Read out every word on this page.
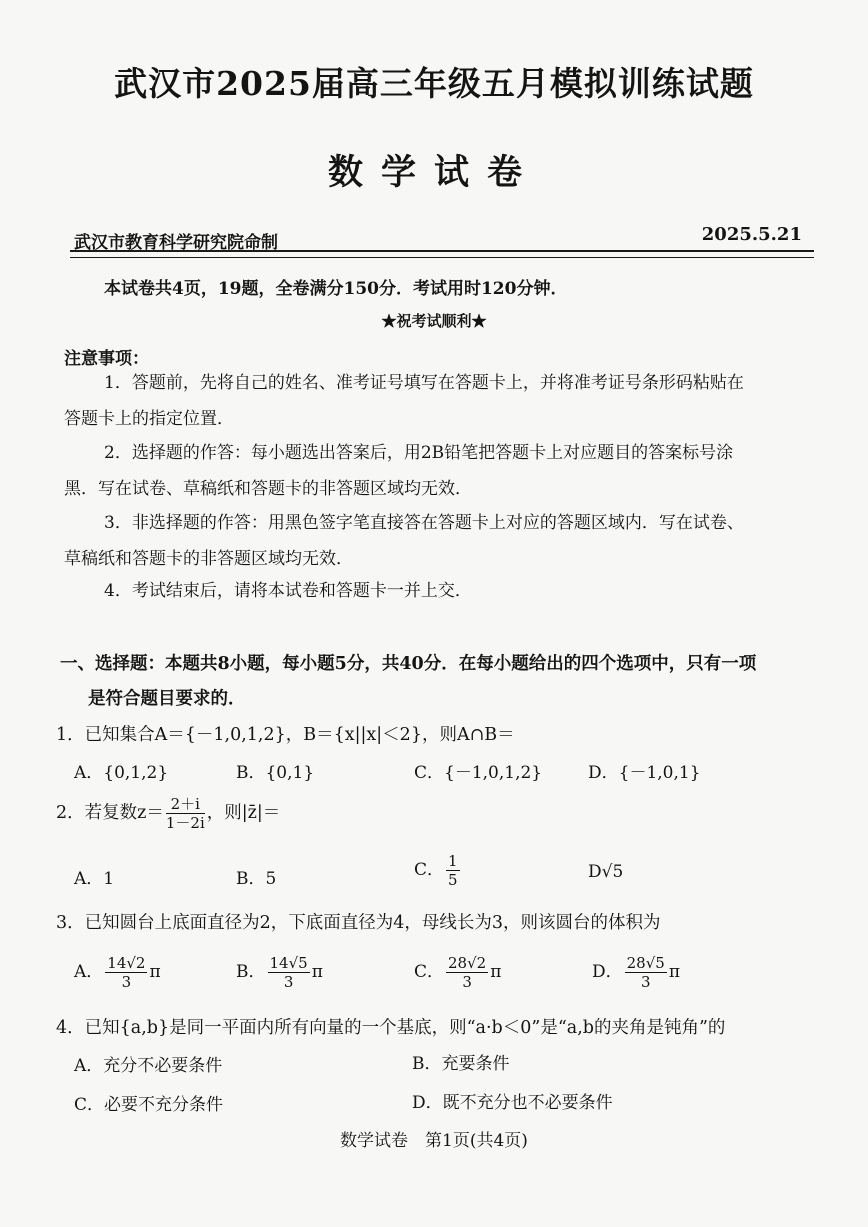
武汉市2025届高三年级五月模拟训练试题
数学试卷
武汉市教育科学研究院命制	2025.5.21
本试卷共4页，19题，全卷满分150分．考试用时120分钟．
★祝考试顺利★
注意事项：
1．答题前，先将自己的姓名、准考证号填写在答题卡上，并将准考证号条形码粘贴在
答题卡上的指定位置．
2．选择题的作答：每小题选出答案后，用2B铅笔把答题卡上对应题目的答案标号涂
黑．写在试卷、草稿纸和答题卡的非答题区域均无效．
3．非选择题的作答：用黑色签字笔直接答在答题卡上对应的答题区域内．写在试卷、
草稿纸和答题卡的非答题区域均无效．
4．考试结束后，请将本试卷和答题卡一并上交．
一、选择题：本题共8小题，每小题5分，共40分．在每小题给出的四个选项中，只有一项
是符合题目要求的．
1．已知集合A＝{－1,0,1,2}，B＝{x||x|＜2}，则A∩B＝
A．{0,1,2}	B．{0,1}	C．{－1,0,1,2}	D．{－1,0,1}
2．若复数$z= \frac{2+i}{1-2i}$ ，则|z̄|＝
A．1	B．5	C． $\frac{1}{5}$	D√5
3．已知圆台上底面直径为2，下底面直径为4，母线长为3，则该圆台的体积为
A． $\frac{14√2}{3}$ π	B． $\frac{14√5}{3}$ π	C． $\frac{28√2}{3}$ π	D． $\frac{28√5}{3}$ π
4．已知{a,b}是同一平面内所有向量的一个基底，则“a·b＜0”是“a,b的夹角是钝角”的
A．充分不必要条件	B．充要条件
C．必要不充分条件	D．既不充分也不必要条件
数学试卷　第1页(共4页)
